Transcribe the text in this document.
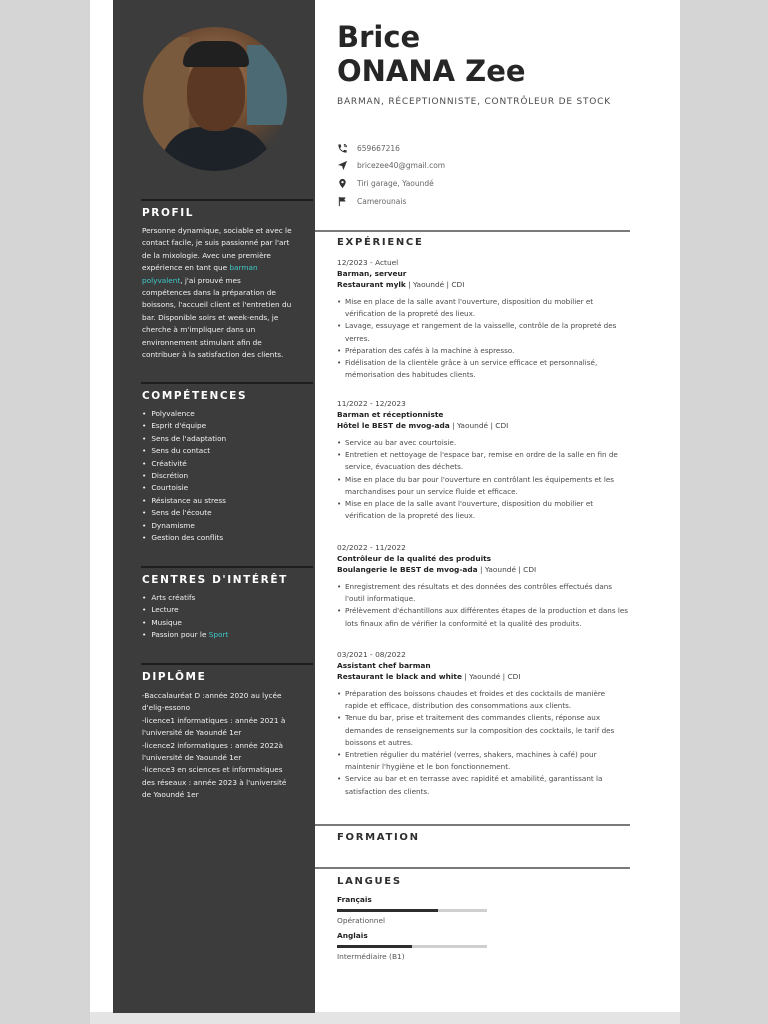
PROFIL
Personne dynamique, sociable et avec le contact facile, je suis passionné par l'art de la mixologie. Avec une première expérience en tant que barman polyvalent, j'ai prouvé mes compétences dans la préparation de boissons, l'accueil client et l'entretien du bar. Disponible soirs et week-ends, je cherche à m'impliquer dans un environnement stimulant afin de contribuer à la satisfaction des clients.
COMPÉTENCES
• Polyvalence
• Esprit d'équipe
• Sens de l'adaptation
• Sens du contact
• Créativité
• Discrétion
• Courtoisie
• Résistance au stress
• Sens de l'écoute
• Dynamisme
• Gestion des conflits
CENTRES D'INTÉRÊT
• Arts créatifs
• Lecture
• Musique
• Passion pour le Sport
DIPLÔME
-Baccalauréat D :année 2020 au lycée d'elig-essono
-licence1 informatiques : année 2021 à l'université de Yaoundé 1er
-licence2 informatiques : année 2022à l'université de Yaoundé 1er
-licence3 en sciences et informatiques des réseaux : année 2023 à l'université de Yaoundé 1er
Brice
ONANA Zee
BARMAN, RÉCEPTIONNISTE, CONTRÔLEUR DE STOCK
659667216
bricezee40@gmail.com
Tiri garage, Yaoundé
Camerounais
EXPÉRIENCE
12/2023 - Actuel
Barman, serveur
Restaurant mylk | Yaoundé | CDI
• Mise en place de la salle avant l'ouverture, disposition du mobilier et vérification de la propreté des lieux.
• Lavage, essuyage et rangement de la vaisselle, contrôle de la propreté des verres.
• Préparation des cafés à la machine à espresso.
• Fidélisation de la clientèle grâce à un service efficace et personnalisé, mémorisation des habitudes clients.
11/2022 - 12/2023
Barman et réceptionniste
Hôtel le BEST de mvog-ada | Yaoundé | CDI
• Service au bar avec courtoisie.
• Entretien et nettoyage de l'espace bar, remise en ordre de la salle en fin de service, évacuation des déchets.
• Mise en place du bar pour l'ouverture en contrôlant les équipements et les marchandises pour un service fluide et efficace.
• Mise en place de la salle avant l'ouverture, disposition du mobilier et vérification de la propreté des lieux.
02/2022 - 11/2022
Contrôleur de la qualité des produits
Boulangerie le BEST de mvog-ada | Yaoundé | CDI
• Enregistrement des résultats et des données des contrôles effectués dans l'outil informatique.
• Prélèvement d'échantillons aux différentes étapes de la production et dans les lots finaux afin de vérifier la conformité et la qualité des produits.
03/2021 - 08/2022
Assistant chef barman
Restaurant le black and white | Yaoundé | CDI
• Préparation des boissons chaudes et froides et des cocktails de manière rapide et efficace, distribution des consommations aux clients.
• Tenue du bar, prise et traitement des commandes clients, réponse aux demandes de renseignements sur la composition des cocktails, le tarif des boissons et autres.
• Entretien régulier du matériel (verres, shakers, machines à café) pour maintenir l'hygiène et le bon fonctionnement.
• Service au bar et en terrasse avec rapidité et amabilité, garantissant la satisfaction des clients.
FORMATION
LANGUES
Français
Opérationnel
Anglais
Intermédiaire (B1)
